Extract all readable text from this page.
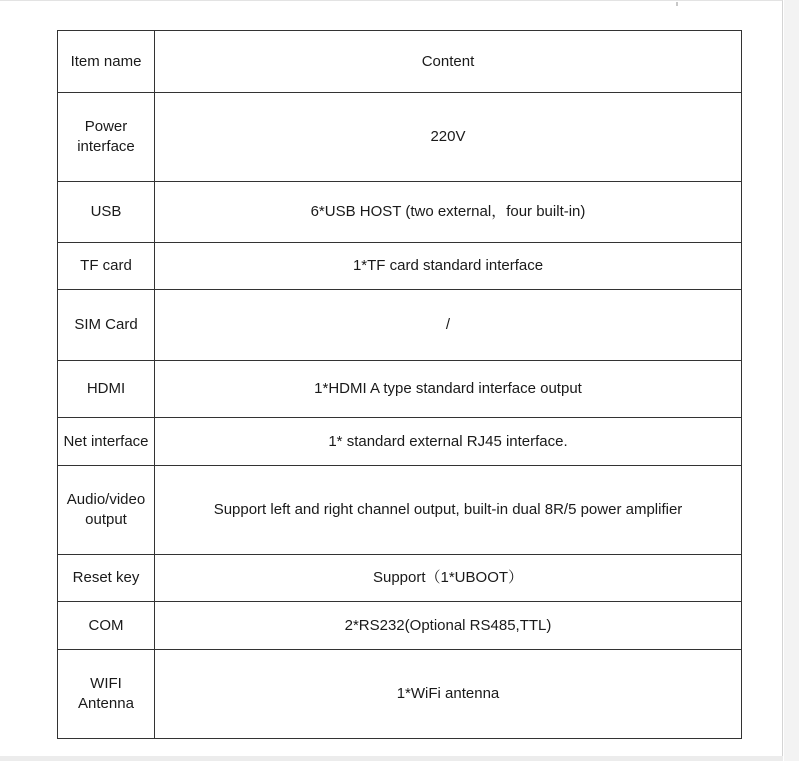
Item name	Content
Power interface	220V
USB	6*USB HOST (two external，four built-in)
TF card	1*TF card standard interface
SIM Card	/
HDMI	1*HDMI A type standard interface output
Net interface	1* standard external RJ45 interface.
Audio/video output	Support left and right channel output, built-in dual 8R/5 power amplifier
Reset key	Support（1*UBOOT）
COM	2*RS232(Optional RS485,TTL)
WIFI Antenna	1*WiFi antenna
